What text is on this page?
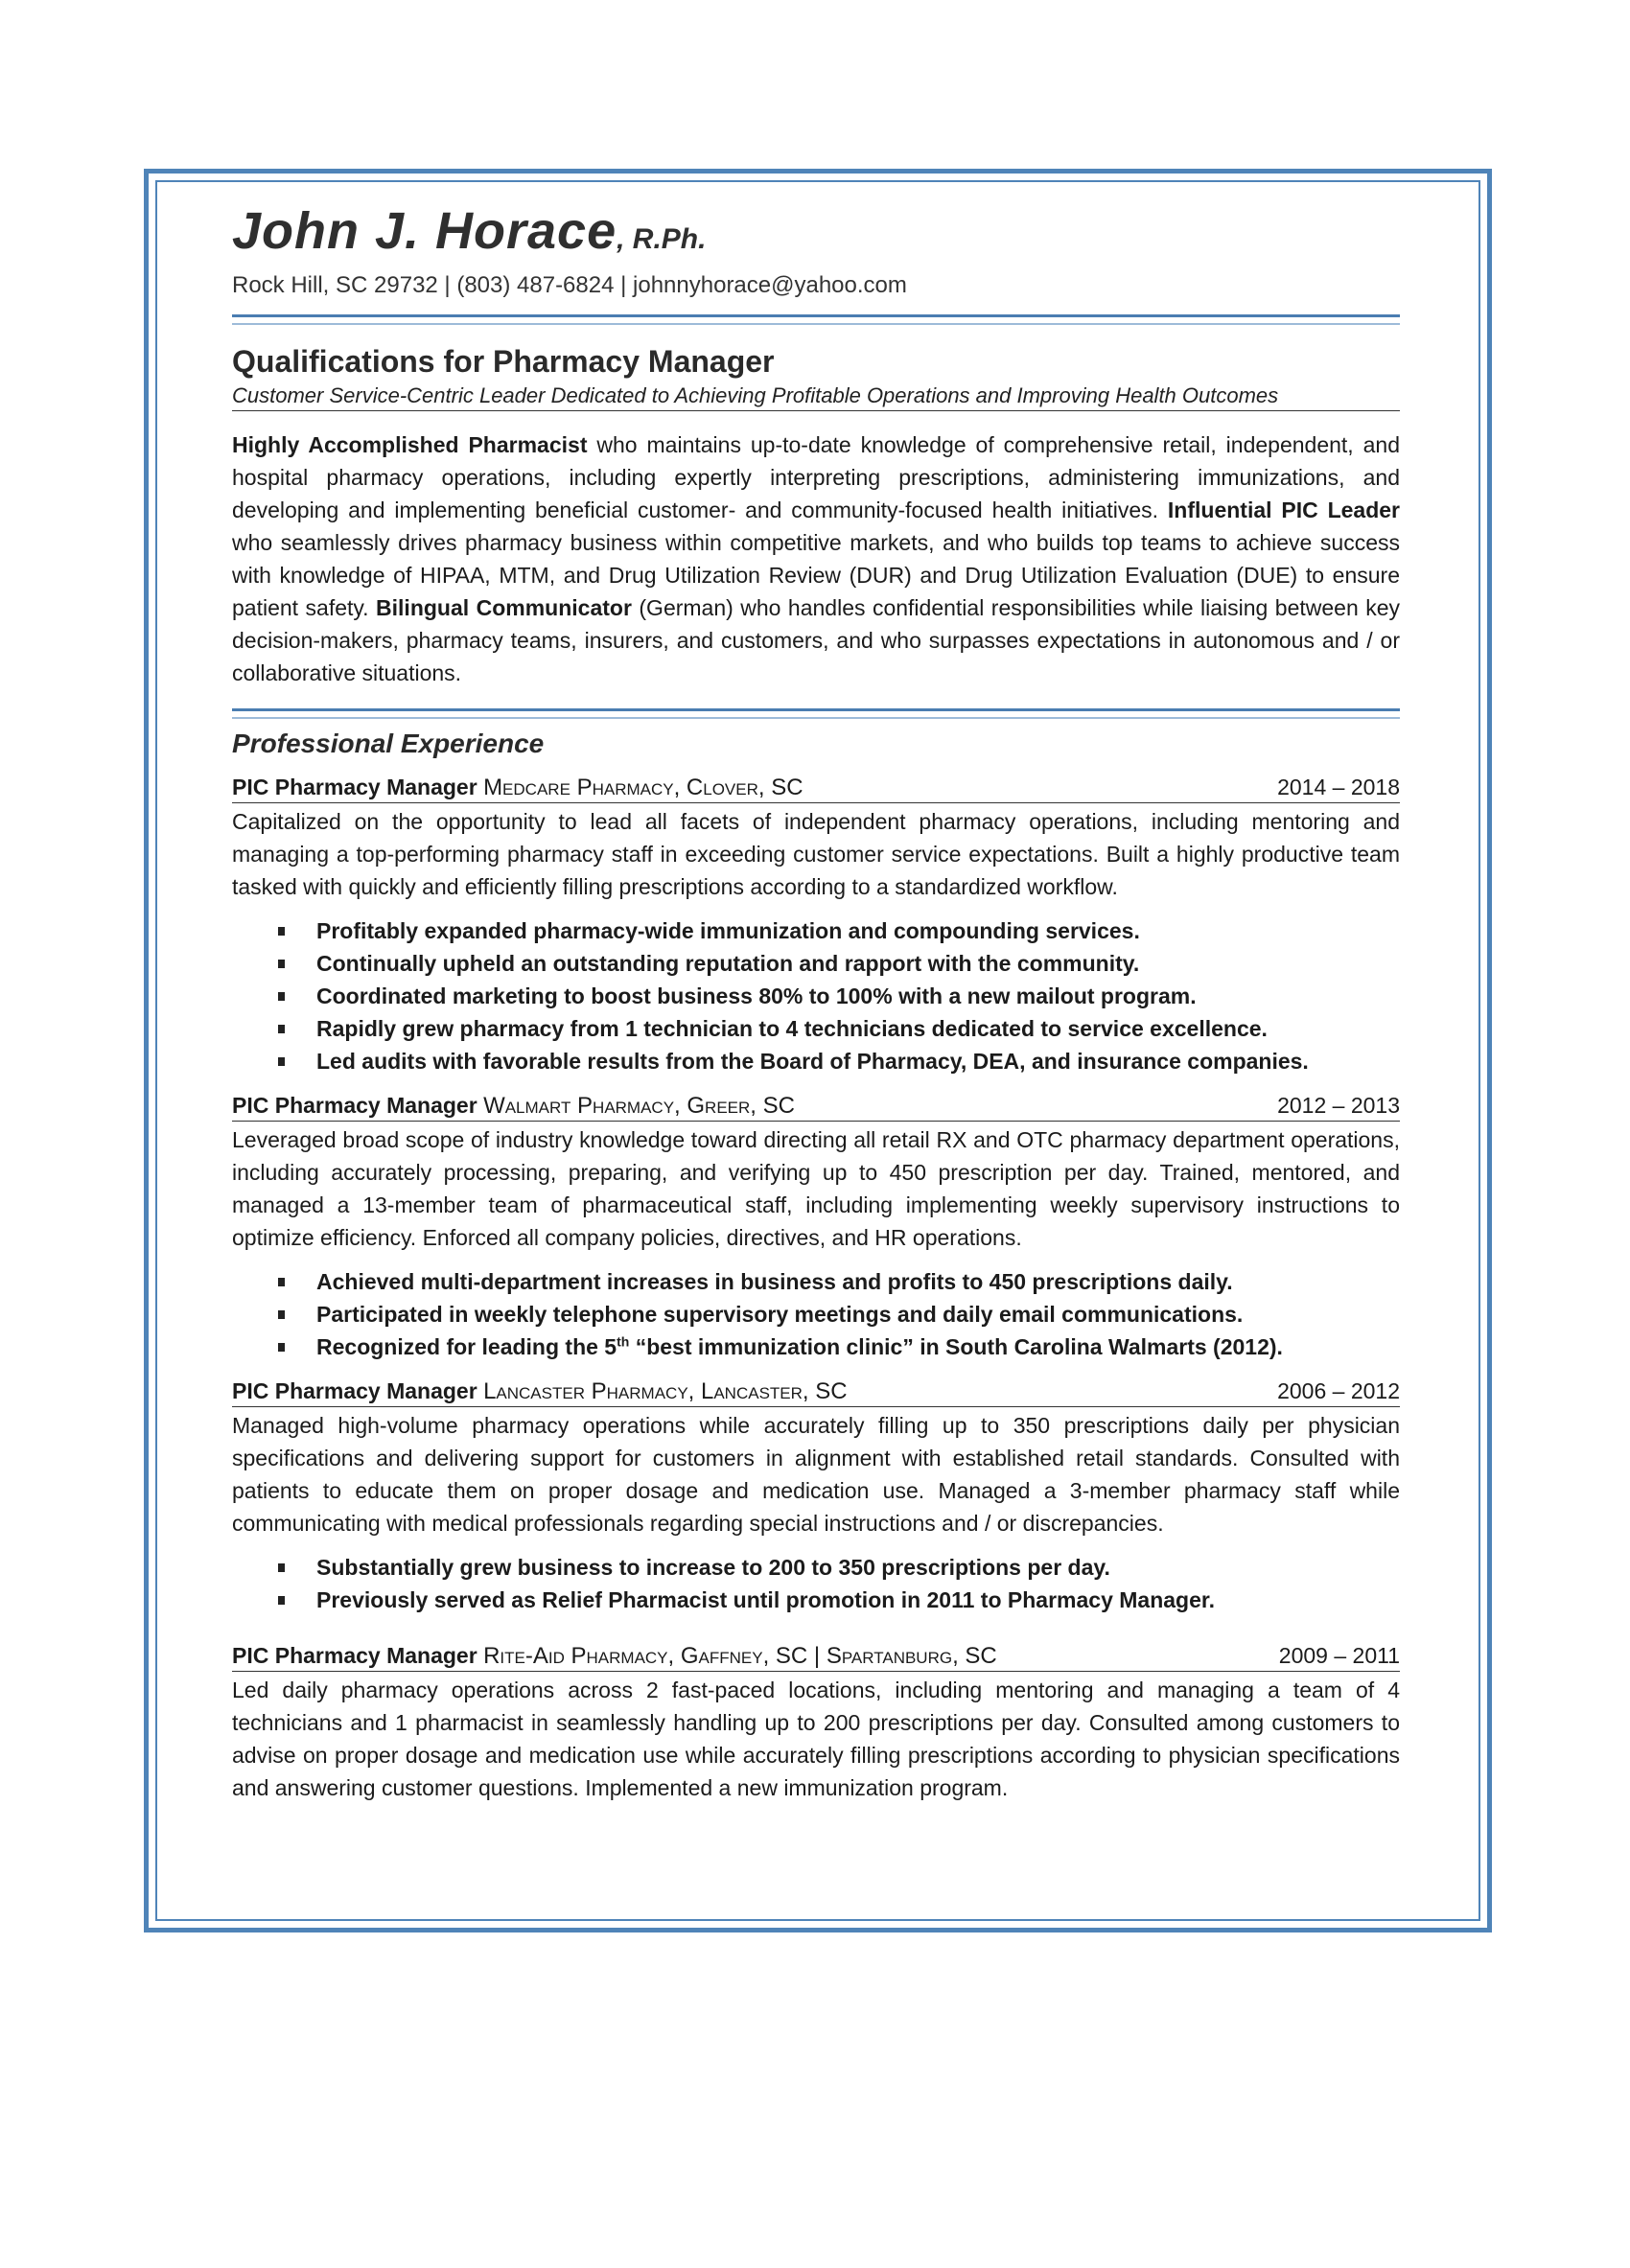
John J. Horace, R.Ph.
Rock Hill, SC 29732 | (803) 487-6824 | johnnyhorace@yahoo.com
Qualifications for Pharmacy Manager
Customer Service-Centric Leader Dedicated to Achieving Profitable Operations and Improving Health Outcomes
Highly Accomplished Pharmacist who maintains up-to-date knowledge of comprehensive retail, independent, and hospital pharmacy operations, including expertly interpreting prescriptions, administering immunizations, and developing and implementing beneficial customer- and community-focused health initiatives. Influential PIC Leader who seamlessly drives pharmacy business within competitive markets, and who builds top teams to achieve success with knowledge of HIPAA, MTM, and Drug Utilization Review (DUR) and Drug Utilization Evaluation (DUE) to ensure patient safety. Bilingual Communicator (German) who handles confidential responsibilities while liaising between key decision-makers, pharmacy teams, insurers, and customers, and who surpasses expectations in autonomous and / or collaborative situations.
Professional Experience
PIC Pharmacy Manager Medcare Pharmacy, Clover, SC	2014 – 2018
Capitalized on the opportunity to lead all facets of independent pharmacy operations, including mentoring and managing a top-performing pharmacy staff in exceeding customer service expectations. Built a highly productive team tasked with quickly and efficiently filling prescriptions according to a standardized workflow.
Profitably expanded pharmacy-wide immunization and compounding services.
Continually upheld an outstanding reputation and rapport with the community.
Coordinated marketing to boost business 80% to 100% with a new mailout program.
Rapidly grew pharmacy from 1 technician to 4 technicians dedicated to service excellence.
Led audits with favorable results from the Board of Pharmacy, DEA, and insurance companies.
PIC Pharmacy Manager Walmart Pharmacy, Greer, SC	2012 – 2013
Leveraged broad scope of industry knowledge toward directing all retail RX and OTC pharmacy department operations, including accurately processing, preparing, and verifying up to 450 prescription per day. Trained, mentored, and managed a 13-member team of pharmaceutical staff, including implementing weekly supervisory instructions to optimize efficiency. Enforced all company policies, directives, and HR operations.
Achieved multi-department increases in business and profits to 450 prescriptions daily.
Participated in weekly telephone supervisory meetings and daily email communications.
Recognized for leading the 5th “best immunization clinic” in South Carolina Walmarts (2012).
PIC Pharmacy Manager Lancaster Pharmacy, Lancaster, SC	2006 – 2012
Managed high-volume pharmacy operations while accurately filling up to 350 prescriptions daily per physician specifications and delivering support for customers in alignment with established retail standards. Consulted with patients to educate them on proper dosage and medication use. Managed a 3-member pharmacy staff while communicating with medical professionals regarding special instructions and / or discrepancies.
Substantially grew business to increase to 200 to 350 prescriptions per day.
Previously served as Relief Pharmacist until promotion in 2011 to Pharmacy Manager.
PIC Pharmacy Manager Rite-Aid Pharmacy, Gaffney, SC | Spartanburg, SC	2009 – 2011
Led daily pharmacy operations across 2 fast-paced locations, including mentoring and managing a team of 4 technicians and 1 pharmacist in seamlessly handling up to 200 prescriptions per day. Consulted among customers to advise on proper dosage and medication use while accurately filling prescriptions according to physician specifications and answering customer questions. Implemented a new immunization program.
